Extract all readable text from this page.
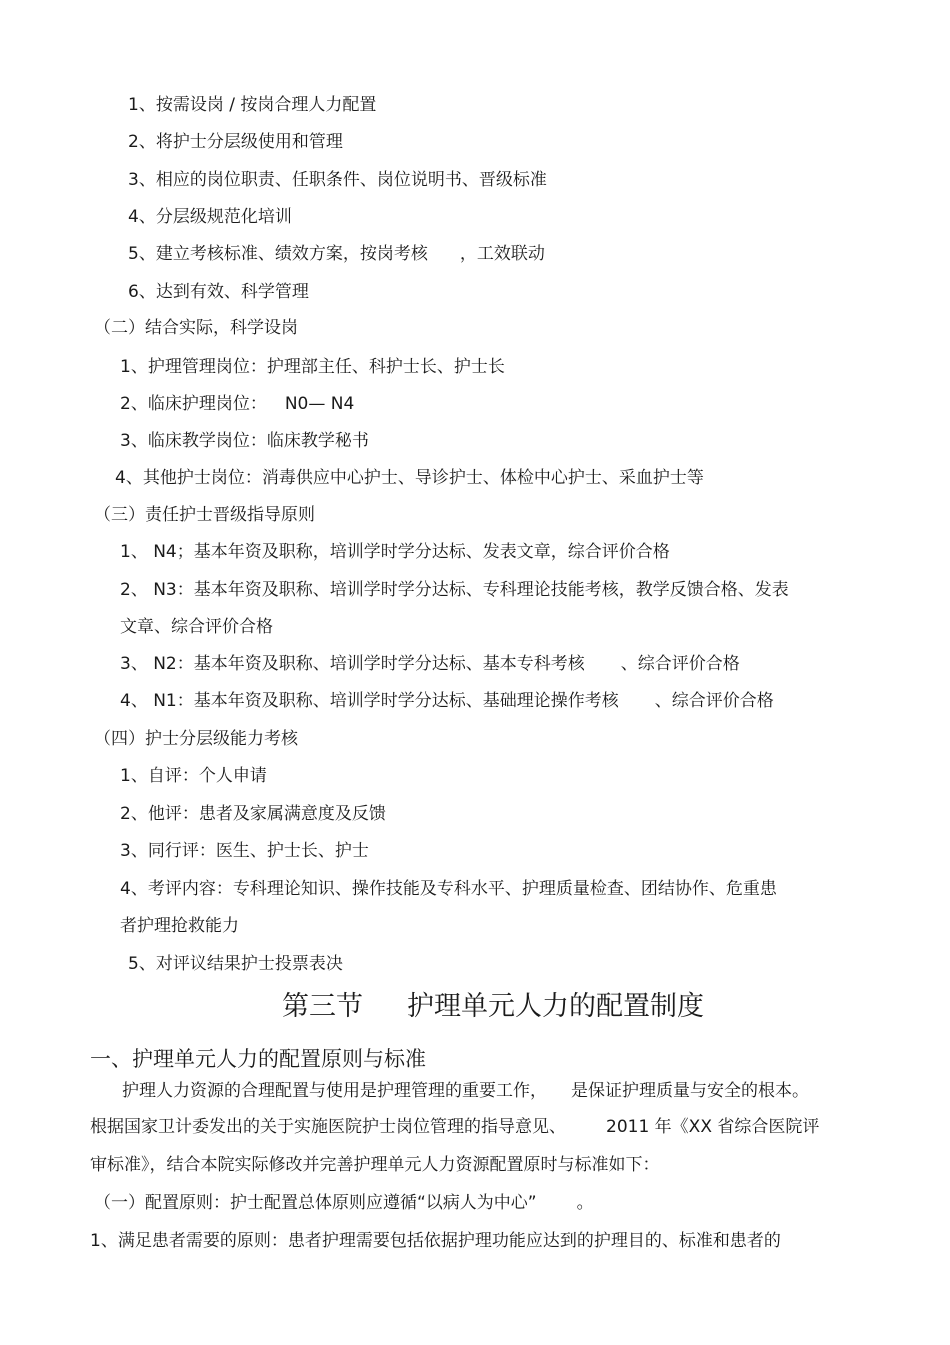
1、按需设岗 / 按岗合理人力配置
2、将护士分层级使用和管理
3、相应的岗位职责、任职条件、岗位说明书、晋级标准
4、分层级规范化培训
5、建立考核标准、绩效方案，按岗考核 ，工效联动
6、达到有效、科学管理
（二）结合实际，科学设岗
1、护理管理岗位：护理部主任、科护士长、护士长
2、临床护理岗位： N0— N4
3、临床教学岗位：临床教学秘书
4、其他护士岗位：消毒供应中心护士、导诊护士、体检中心护士、采血护士等
（三）责任护士晋级指导原则
1、 N4；基本年资及职称，培训学时学分达标、发表文章，综合评价合格
2、 N3：基本年资及职称、培训学时学分达标、专科理论技能考核，教学反馈合格、发表
文章、综合评价合格
3、 N2：基本年资及职称、培训学时学分达标、基本专科考核 、综合评价合格
4、 N1：基本年资及职称、培训学时学分达标、基础理论操作考核 、综合评价合格
（四）护士分层级能力考核
1、自评：个人申请
2、他评：患者及家属满意度及反馈
3、同行评：医生、护士长、护士
4、考评内容：专科理论知识、操作技能及专科水平、护理质量检查、团结协作、危重患
者护理抢救能力
5、对评议结果护士投票表决
第三节 护理单元人力的配置制度
一、护理单元人力的配置原则与标准
护理人力资源的合理配置与使用是护理管理的重要工作， 是保证护理质量与安全的根本。
根据国家卫计委发出的关于实施医院护士岗位管理的指导意见、 2011 年《XX 省综合医院评
审标准》，结合本院实际修改并完善护理单元人力资源配置原时与标准如下：
（一）配置原则：护士配置总体原则应遵循“以病人为中心” 。
1、满足患者需要的原则：患者护理需要包括依据护理功能应达到的护理目的、标准和患者的
